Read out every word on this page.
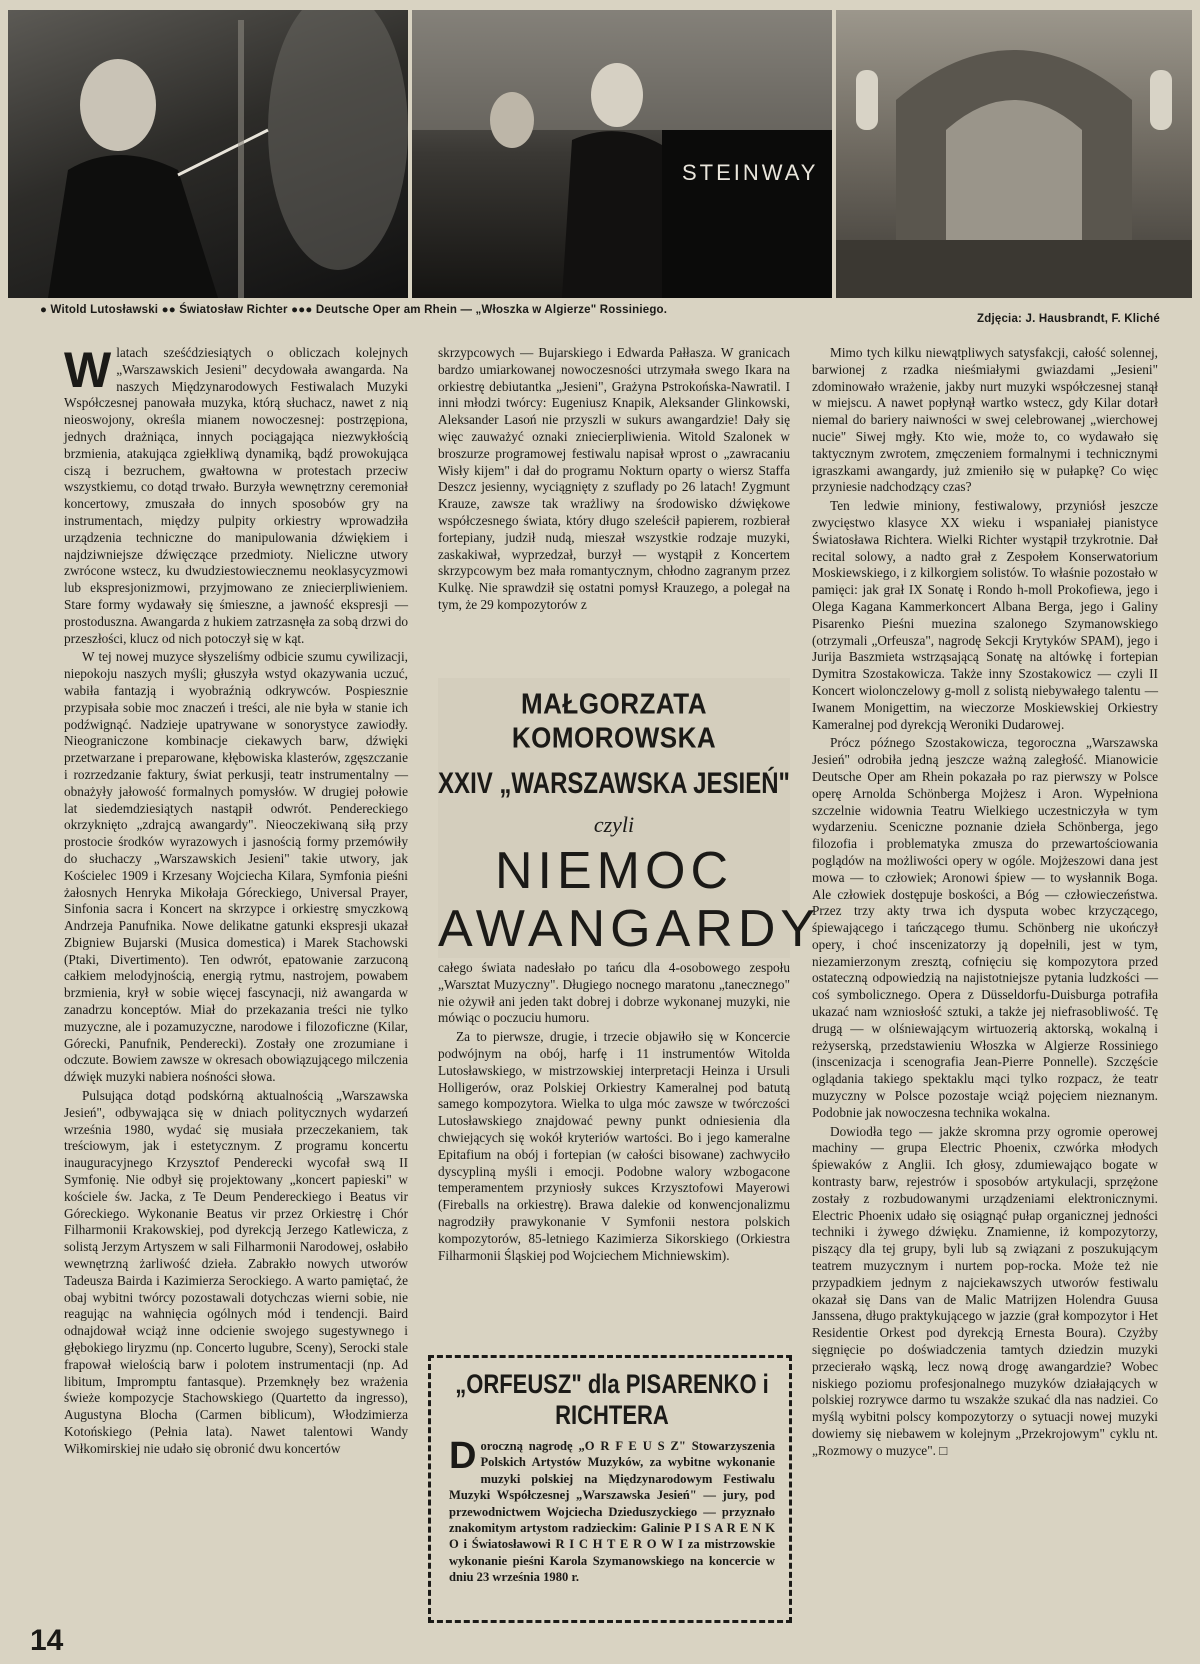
STEINWAY
● Witold Lutosławski ●● Światosław Richter ●●● Deutsche Oper am Rhein — „Włoszka w Algierze" Rossiniego.
Zdjęcia: J. Hausbrandt, F. Kliché

Wlatach sześćdziesiątych o obliczach kolejnych „Warszawskich Jesieni" decydowała awangarda. Na naszych Międzynarodowych Festiwalach Muzyki Współczesnej panowała muzyka, którą słuchacz, nawet z nią nieoswojony, określa mianem nowoczesnej: postrzępiona, jednych drażniąca, innych pociągająca niezwykłością brzmienia, atakująca zgiełkliwą dynamiką, bądź prowokująca ciszą i bezruchem, gwałtowna w protestach przeciw wszystkiemu, co dotąd trwało. Burzyła wewnętrzny ceremoniał koncertowy, zmuszała do innych sposobów gry na instrumentach, między pulpity orkiestry wprowadziła urządzenia techniczne do manipulowania dźwiękiem i najdziwniejsze dźwięczące przedmioty. Nieliczne utwory zwrócone wstecz, ku dwudziestowiecznemu neoklasycyzmowi lub ekspresjonizmowi, przyjmowano ze zniecierpliwieniem. Stare formy wydawały się śmieszne, a jawność ekspresji — prostoduszna. Awangarda z hukiem zatrzasnęła za sobą drzwi do przeszłości, klucz od nich potoczył się w kąt.

W tej nowej muzyce słyszeliśmy odbicie szumu cywilizacji, niepokoju naszych myśli; głuszyła wstyd okazywania uczuć, wabiła fantazją i wyobraźnią odkrywców. Pospiesznie przypisała sobie moc znaczeń i treści, ale nie była w stanie ich podźwignąć. Nadzieje upatrywane w sonorystyce zawiodły. Nieograniczone kombinacje ciekawych barw, dźwięki przetwarzane i preparowane, kłębowiska klasterów, zgęszczanie i rozrzedzanie faktury, świat perkusji, teatr instrumentalny — obnażyły jałowość formalnych pomysłów. W drugiej połowie lat siedemdziesiątych nastąpił odwrót. Pendereckiego okrzyknięto „zdrajcą awangardy". Nieoczekiwaną siłą przy prostocie środków wyrazowych i jasnością formy przemówiły do słuchaczy „Warszawskich Jesieni" takie utwory, jak Kościelec 1909 i Krzesany Wojciecha Kilara, Symfonia pieśni żałosnych Henryka Mikołaja Góreckiego, Universal Prayer, Sinfonia sacra i Koncert na skrzypce i orkiestrę smyczkową Andrzeja Panufnika. Nowe delikatne gatunki ekspresji ukazał Zbigniew Bujarski (Musica domestica) i Marek Stachowski (Ptaki, Divertimento). Ten odwrót, epatowanie zarzuconą całkiem melodyjnością, energią rytmu, nastrojem, powabem brzmienia, krył w sobie więcej fascynacji, niż awangarda w zanadrzu konceptów. Miał do przekazania treści nie tylko muzyczne, ale i pozamuzyczne, narodowe i filozoficzne (Kilar, Górecki, Panufnik, Penderecki). Zostały one zrozumiane i odczute. Bowiem zawsze w okresach obowiązującego milczenia dźwięk muzyki nabiera nośności słowa.

Pulsująca dotąd podskórną aktualnością „Warszawska Jesień", odbywająca się w dniach politycznych wydarzeń września 1980, wydać się musiała przeczekaniem, tak treściowym, jak i estetycznym. Z programu koncertu inauguracyjnego Krzysztof Penderecki wycofał swą II Symfonię. Nie odbył się projektowany „koncert papieski" w kościele św. Jacka, z Te Deum Pendereckiego i Beatus vir Góreckiego. Wykonanie Beatus vir przez Orkiestrę i Chór Filharmonii Krakowskiej, pod dyrekcją Jerzego Katlewicza, z solistą Jerzym Artyszem w sali Filharmonii Narodowej, osłabiło wewnętrzną żarliwość dzieła. Zabrakło nowych utworów Tadeusza Bairda i Kazimierza Serockiego. A warto pamiętać, że obaj wybitni twórcy pozostawali dotychczas wierni sobie, nie reagując na wahnięcia ogólnych mód i tendencji. Baird odnajdował wciąż inne odcienie swojego sugestywnego i głębokiego liryzmu (np. Concerto lugubre, Sceny), Serocki stale frapował wielością barw i polotem instrumentacji (np. Ad libitum, Impromptu fantasque). Przemknęły bez wrażenia świeże kompozycje Stachowskiego (Quartetto da ingresso), Augustyna Blocha (Carmen biblicum), Włodzimierza Kotońskiego (Pełnia lata). Nawet talentowi Wandy Wiłkomirskiej nie udało się obronić dwu koncertów

skrzypcowych — Bujarskiego i Edwarda Pałłasza. W granicach bardzo umiarkowanej nowoczesności utrzymała swego Ikara na orkiestrę debiutantka „Jesieni", Grażyna Pstrokońska-Nawratil. I inni młodzi twórcy: Eugeniusz Knapik, Aleksander Glinkowski, Aleksander Lasoń nie przyszli w sukurs awangardzie! Dały się więc zauważyć oznaki zniecierpliwienia. Witold Szalonek w broszurze programowej festiwalu napisał wprost o „zawracaniu Wisły kijem" i dał do programu Nokturn oparty o wiersz Staffa Deszcz jesienny, wyciągnięty z szuflady po 26 latach! Zygmunt Krauze, zawsze tak wrażliwy na środowisko dźwiękowe współczesnego świata, który długo szeleścił papierem, rozbierał fortepiany, judził nudą, mieszał wszystkie rodzaje muzyki, zaskakiwał, wyprzedzał, burzył — wystąpił z Koncertem skrzypcowym bez mała romantycznym, chłodno zagranym przez Kulkę. Nie sprawdził się ostatni pomysł Krauzego, a polegał na tym, że 29 kompozytorów z

MAŁGORZATA KOMOROWSKA
XXIV „WARSZAWSKA JESIEŃ"
czyli
NIEMOC
AWANGARDY

całego świata nadesłało po tańcu dla 4-osobowego zespołu „Warsztat Muzyczny". Długiego nocnego maratonu „tanecznego" nie ożywił ani jeden takt dobrej i dobrze wykonanej muzyki, nie mówiąc o poczuciu humoru.

Za to pierwsze, drugie, i trzecie objawiło się w Koncercie podwójnym na obój, harfę i 11 instrumentów Witolda Lutosławskiego, w mistrzowskiej interpretacji Heinza i Ursuli Holligerów, oraz Polskiej Orkiestry Kameralnej pod batutą samego kompozytora. Wielka to ulga móc zawsze w twórczości Lutosławskiego znajdować pewny punkt odniesienia dla chwiejących się wokół kryteriów wartości. Bo i jego kameralne Epitafium na obój i fortepian (w całości bisowane) zachwyciło dyscypliną myśli i emocji. Podobne walory wzbogacone temperamentem przyniosły sukces Krzysztofowi Mayerowi (Fireballs na orkiestrę). Brawa dalekie od konwencjonalizmu nagrodziły prawykonanie V Symfonii nestora polskich kompozytorów, 85-letniego Kazimierza Sikorskiego (Orkiestra Filharmonii Śląskiej pod Wojciechem Michniewskim).

„ORFEUSZ" dla PISARENKO i RICHTERA
Doroczną nagrodę „O R F E U S Z" Stowarzyszenia Polskich Artystów Muzyków, za wybitne wykonanie muzyki polskiej na Międzynarodowym Festiwalu Muzyki Współczesnej „Warszawska Jesień" — jury, pod przewodnictwem Wojciecha Dzieduszyckiego — przyznało znakomitym artystom radzieckim: Galinie P I S A R E N K O i Światosławowi R I C H T E R O W I za mistrzowskie wykonanie pieśni Karola Szymanowskiego na koncercie w dniu 23 września 1980 r.

Mimo tych kilku niewątpliwych satysfakcji, całość solennej, barwionej z rzadka nieśmiałymi gwiazdami „Jesieni" zdominowało wrażenie, jakby nurt muzyki współczesnej stanął w miejscu. A nawet popłynął wartko wstecz, gdy Kilar dotarł niemal do bariery naiwności w swej celebrowanej „wierchowej nucie" Siwej mgły. Kto wie, może to, co wydawało się taktycznym zwrotem, zmęczeniem formalnymi i technicznymi igraszkami awangardy, już zmieniło się w pułapkę? Co więc przyniesie nadchodzący czas?

Ten ledwie miniony, festiwalowy, przyniósł jeszcze zwycięstwo klasyce XX wieku i wspaniałej pianistyce Światosława Richtera. Wielki Richter wystąpił trzykrotnie. Dał recital solowy, a nadto grał z Zespołem Konserwatorium Moskiewskiego, i z kilkorgiem solistów. To właśnie pozostało w pamięci: jak grał IX Sonatę i Rondo h-moll Prokofiewa, jego i Olega Kagana Kammerkoncert Albana Berga, jego i Galiny Pisarenko Pieśni muezina szalonego Szymanowskiego (otrzymali „Orfeusza", nagrodę Sekcji Krytyków SPAM), jego i Jurija Baszmieta wstrząsającą Sonatę na altówkę i fortepian Dymitra Szostakowicza. Także inny Szostakowicz — czyli II Koncert wiolonczelowy g-moll z solistą niebywałego talentu — Iwanem Monigettim, na wieczorze Moskiewskiej Orkiestry Kameralnej pod dyrekcją Weroniki Dudarowej.

Prócz późnego Szostakowicza, tegoroczna „Warszawska Jesień" odrobiła jedną jeszcze ważną zaległość. Mianowicie Deutsche Oper am Rhein pokazała po raz pierwszy w Polsce operę Arnolda Schönberga Mojżesz i Aron. Wypełniona szczelnie widownia Teatru Wielkiego uczestniczyła w tym wydarzeniu. Sceniczne poznanie dzieła Schönberga, jego filozofia i problematyka zmusza do przewartościowania poglądów na możliwości opery w ogóle. Mojżeszowi dana jest mowa — to człowiek; Aronowi śpiew — to wysłannik Boga. Ale człowiek dostępuje boskości, a Bóg — człowieczeństwa. Przez trzy akty trwa ich dysputa wobec krzyczącego, śpiewającego i tańczącego tłumu. Schönberg nie ukończył opery, i choć inscenizatorzy ją dopełnili, jest w tym, niezamierzonym zresztą, cofnięciu się kompozytora przed ostateczną odpowiedzią na najistotniejsze pytania ludzkości — coś symbolicznego. Opera z Düsseldorfu-Duisburga potrafiła ukazać nam wzniosłość sztuki, a także jej niefrasobliwość. Tę drugą — w olśniewającym wirtuozerią aktorską, wokalną i reżyserską, przedstawieniu Włoszka w Algierze Rossiniego (inscenizacja i scenografia Jean-Pierre Ponnelle). Szczęście oglądania takiego spektaklu mąci tylko rozpacz, że teatr muzyczny w Polsce pozostaje wciąż pojęciem nieznanym. Podobnie jak nowoczesna technika wokalna.

Dowiodła tego — jakże skromna przy ogromie operowej machiny — grupa Electric Phoenix, czwórka młodych śpiewaków z Anglii. Ich głosy, zdumiewająco bogate w kontrasty barw, rejestrów i sposobów artykulacji, sprzężone zostały z rozbudowanymi urządzeniami elektronicznymi. Electric Phoenix udało się osiągnąć pułap organicznej jedności techniki i żywego dźwięku. Znamienne, iż kompozytorzy, piszący dla tej grupy, byli lub są związani z poszukującym teatrem muzycznym i nurtem pop-rocka. Może też nie przypadkiem jednym z najciekawszych utworów festiwalu okazał się Dans van de Malic Matrijzen Holendra Guusa Janssena, długo praktykującego w jazzie (grał kompozytor i Het Residentie Orkest pod dyrekcją Ernesta Boura). Czyżby sięgnięcie po doświadczenia tamtych dziedzin muzyki przecierało wąską, lecz nową drogę awangardzie? Wobec niskiego poziomu profesjonalnego muzyków działających w polskiej rozrywce darmo tu wszakże szukać dla nas nadziei. Co myślą wybitni polscy kompozytorzy o sytuacji nowej muzyki dowiemy się niebawem w kolejnym „Przekrojowym" cyklu nt. „Rozmowy o muzyce". □

14
